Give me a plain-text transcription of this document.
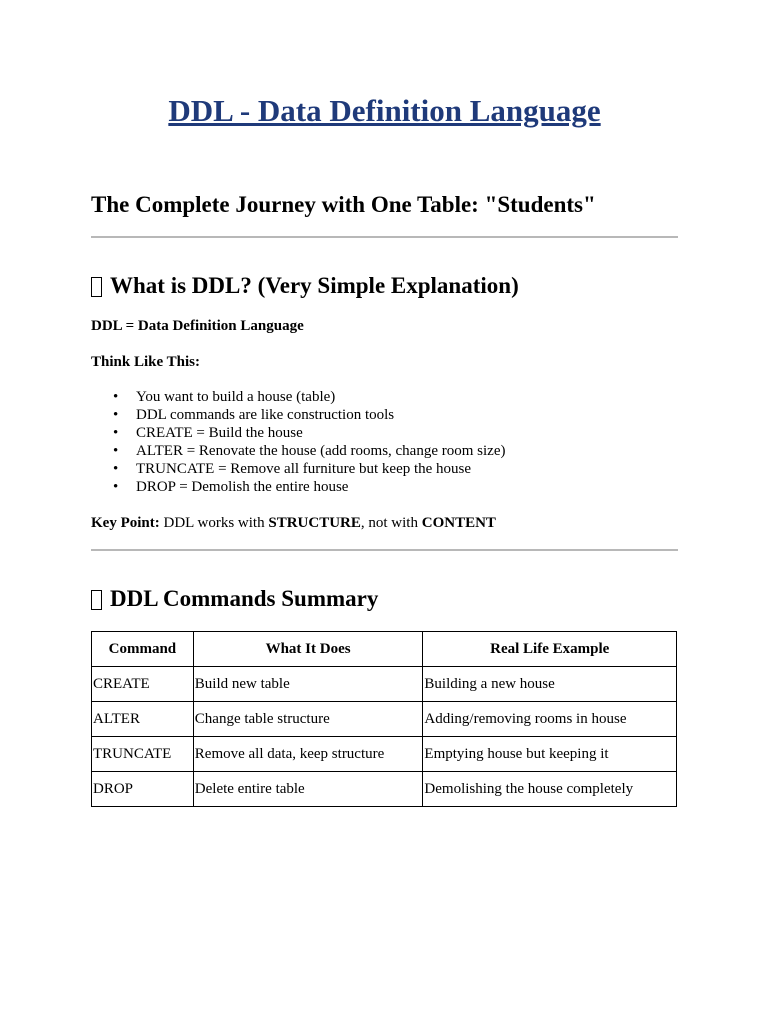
DDL - Data Definition Language
The Complete Journey with One Table: "Students"
What is DDL? (Very Simple Explanation)

DDL = Data Definition Language

Think Like This:

• You want to build a house (table)
• DDL commands are like construction tools
• CREATE = Build the house
• ALTER = Renovate the house (add rooms, change room size)
• TRUNCATE = Remove all furniture but keep the house
• DROP = Demolish the entire house

Key Point: DDL works with STRUCTURE, not with CONTENT

DDL Commands Summary
Command	What It Does	Real Life Example
CREATE	Build new table	Building a new house
ALTER	Change table structure	Adding/removing rooms in house
TRUNCATE	Remove all data, keep structure	Emptying house but keeping it
DROP	Delete entire table	Demolishing the house completely
